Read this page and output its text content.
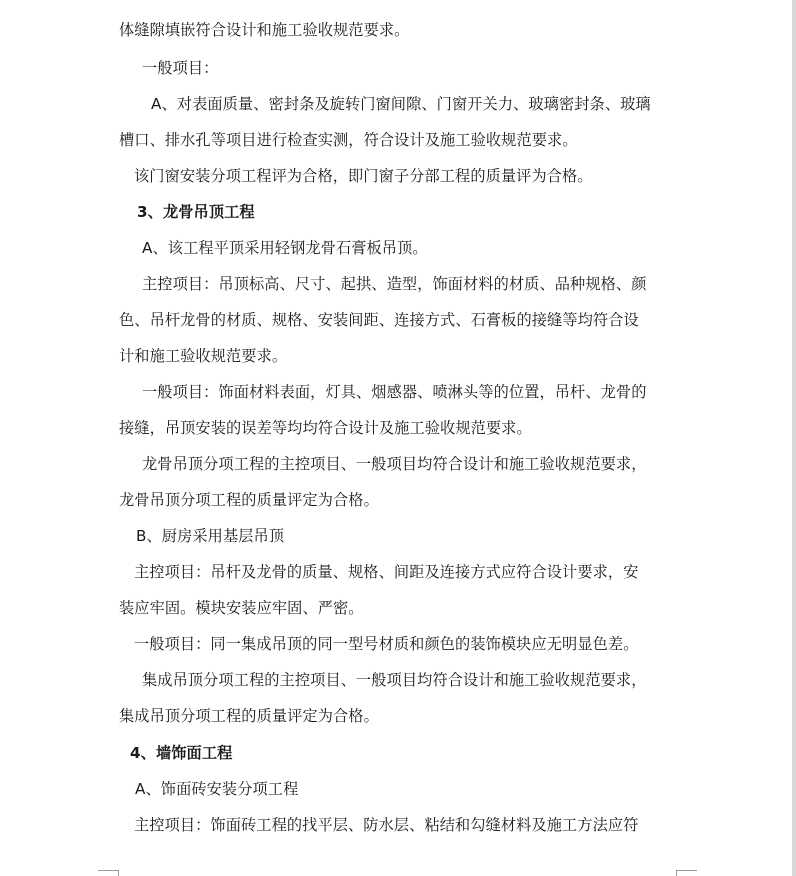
体缝隙填嵌符合设计和施工验收规范要求。
一般项目：
A、对表面质量、密封条及旋转门窗间隙、门窗开关力、玻璃密封条、玻璃
槽口、排水孔等项目进行检查实测，符合设计及施工验收规范要求。
该门窗安装分项工程评为合格，即门窗子分部工程的质量评为合格。
3、龙骨吊顶工程
A、该工程平顶采用轻钢龙骨石膏板吊顶。
主控项目：吊顶标高、尺寸、起拱、造型，饰面材料的材质、品种规格、颜
色、吊杆龙骨的材质、规格、安装间距、连接方式、石膏板的接缝等均符合设
计和施工验收规范要求。
一般项目：饰面材料表面，灯具、烟感器、喷淋头等的位置，吊杆、龙骨的
接缝，吊顶安装的误差等均均符合设计及施工验收规范要求。
龙骨吊顶分项工程的主控项目、一般项目均符合设计和施工验收规范要求，
龙骨吊顶分项工程的质量评定为合格。
B、厨房采用基层吊顶
主控项目：吊杆及龙骨的质量、规格、间距及连接方式应符合设计要求，安
装应牢固。模块安装应牢固、严密。
一般项目：同一集成吊顶的同一型号材质和颜色的装饰模块应无明显色差。
集成吊顶分项工程的主控项目、一般项目均符合设计和施工验收规范要求，
集成吊顶分项工程的质量评定为合格。
4、墙饰面工程
A、饰面砖安装分项工程
主控项目：饰面砖工程的找平层、防水层、粘结和勾缝材料及施工方法应符
